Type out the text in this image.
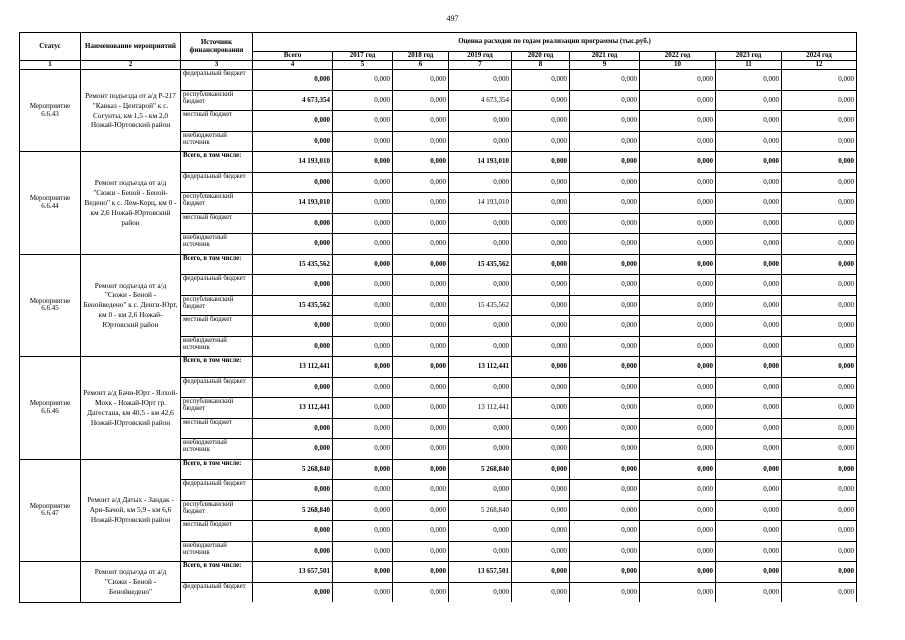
497
Статус	Наименование мероприятий	Источник финансирования	Оценка расходов по годам реализации программы (тыс.руб.)								
			Всего	2017 год	2018 год	2019 год	2020 год	2021 год	2022 год	2023 год	2024 год
1	2	3	4	5	6	7	8	9	10	11	12
Мероприятие 6.6.43	Ремонт подъезда от а/д Р-217 "Кавказ - Центарой" к с. Согунты, км 1,5 - км 2,0 Ножай-Юртовский район	федеральный бюджет	0,000	0,000	0,000	0,000	0,000	0,000	0,000	0,000	0,000
		республиканский бюджет	4 673,354	0,000	0,000	4 673,354	0,000	0,000	0,000	0,000	0,000
		местный бюджет	0,000	0,000	0,000	0,000	0,000	0,000	0,000	0,000	0,000
		внебюджетный источник	0,000	0,000	0,000	0,000	0,000	0,000	0,000	0,000	0,000
Мероприятие 6.6.44	Ремонт подъезда от а/д "Сюжи - Беной - Беной-Ведено" к с. Лем-Корц, км 0 - км 2,6 Ножай-Юртовский район	Всего, в том числе:	14 193,010	0,000	0,000	14 193,010	0,000	0,000	0,000	0,000	0,000
		федеральный бюджет	0,000	0,000	0,000	0,000	0,000	0,000	0,000	0,000	0,000
		республиканский бюджет	14 193,010	0,000	0,000	14 193,010	0,000	0,000	0,000	0,000	0,000
		местный бюджет	0,000	0,000	0,000	0,000	0,000	0,000	0,000	0,000	0,000
		внебюджетный источник	0,000	0,000	0,000	0,000	0,000	0,000	0,000	0,000	0,000
Мероприятие 6.6.45	Ремонт подъезда от а/д "Сюжи - Беной - Бенойведено" к с. Денги-Юрт, км 0 - км 2,6 Ножай-Юртовский район	Всего, в том числе:	15 435,562	0,000	0,000	15 435,562	0,000	0,000	0,000	0,000	0,000
		федеральный бюджет	0,000	0,000	0,000	0,000	0,000	0,000	0,000	0,000	0,000
		республиканский бюджет	15 435,562	0,000	0,000	15 435,562	0,000	0,000	0,000	0,000	0,000
		местный бюджет	0,000	0,000	0,000	0,000	0,000	0,000	0,000	0,000	0,000
		внебюджетный источник	0,000	0,000	0,000	0,000	0,000	0,000	0,000	0,000	0,000
Мероприятие 6.6.46	Ремонт а/д Бачи-Юрт - Ялхой-Мохк - Ножай-Юрт гр. Дагестана, км 40,5 - км 42,6 Ножай-Юртовский район	Всего, в том числе:	13 112,441	0,000	0,000	13 112,441	0,000	0,000	0,000	0,000	0,000
		федеральный бюджет	0,000	0,000	0,000	0,000	0,000	0,000	0,000	0,000	0,000
		республиканский бюджет	13 112,441	0,000	0,000	13 112,441	0,000	0,000	0,000	0,000	0,000
		местный бюджет	0,000	0,000	0,000	0,000	0,000	0,000	0,000	0,000	0,000
		внебюджетный источник	0,000	0,000	0,000	0,000	0,000	0,000	0,000	0,000	0,000
Мероприятие 6.6.47	Ремонт а/д Датых - Зандак - Ари-Бачой, км 5,9 - км 6,6 Ножай-Юртовский район	Всего, в том числе:	5 268,840	0,000	0,000	5 268,840	0,000	0,000	0,000	0,000	0,000
		федеральный бюджет	0,000	0,000	0,000	0,000	0,000	0,000	0,000	0,000	0,000
		республиканский бюджет	5 268,840	0,000	0,000	5 268,840	0,000	0,000	0,000	0,000	0,000
		местный бюджет	0,000	0,000	0,000	0,000	0,000	0,000	0,000	0,000	0,000
		внебюджетный источник	0,000	0,000	0,000	0,000	0,000	0,000	0,000	0,000	0,000
	Ремонт подъезда от а/д "Сюжи - Беной - Бенойведено"	Всего, в том числе:	13 657,501	0,000	0,000	13 657,501	0,000	0,000	0,000	0,000	0,000
		федеральный бюджет	0,000	0,000	0,000	0,000	0,000	0,000	0,000	0,000	0,000
